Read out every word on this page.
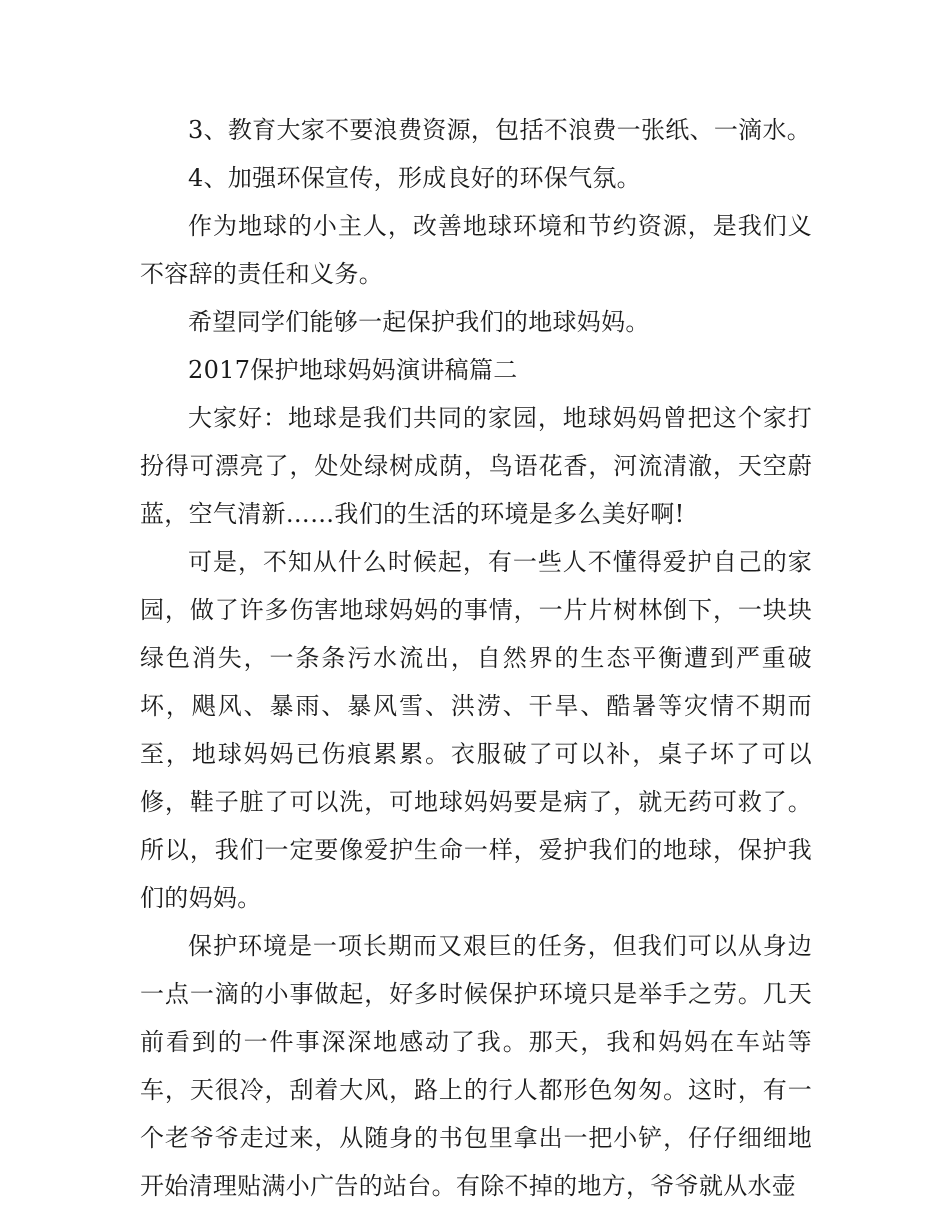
3、教育大家不要浪费资源，包括不浪费一张纸、一滴水。

4、加强环保宣传，形成良好的环保气氛。

作为地球的小主人，改善地球环境和节约资源，是我们义不容辞的责任和义务。

希望同学们能够一起保护我们的地球妈妈。

2017保护地球妈妈演讲稿篇二

大家好：地球是我们共同的家园，地球妈妈曾把这个家打扮得可漂亮了，处处绿树成荫，鸟语花香，河流清澈，天空蔚蓝，空气清新……我们的生活的环境是多么美好啊!

可是，不知从什么时候起，有一些人不懂得爱护自己的家园，做了许多伤害地球妈妈的事情，一片片树林倒下，一块块绿色消失，一条条污水流出，自然界的生态平衡遭到严重破坏，飓风、暴雨、暴风雪、洪涝、干旱、酷暑等灾情不期而至，地球妈妈已伤痕累累。衣服破了可以补，桌子坏了可以修，鞋子脏了可以洗，可地球妈妈要是病了，就无药可救了。所以，我们一定要像爱护生命一样，爱护我们的地球，保护我们的妈妈。

保护环境是一项长期而又艰巨的任务，但我们可以从身边一点一滴的小事做起，好多时候保护环境只是举手之劳。几天前看到的一件事深深地感动了我。那天，我和妈妈在车站等车，天很冷，刮着大风，路上的行人都形色匆匆。这时，有一个老爷爷走过来，从随身的书包里拿出一把小铲，仔仔细细地开始清理贴满小广告的站台。有除不掉的地方，爷爷就从水壶
